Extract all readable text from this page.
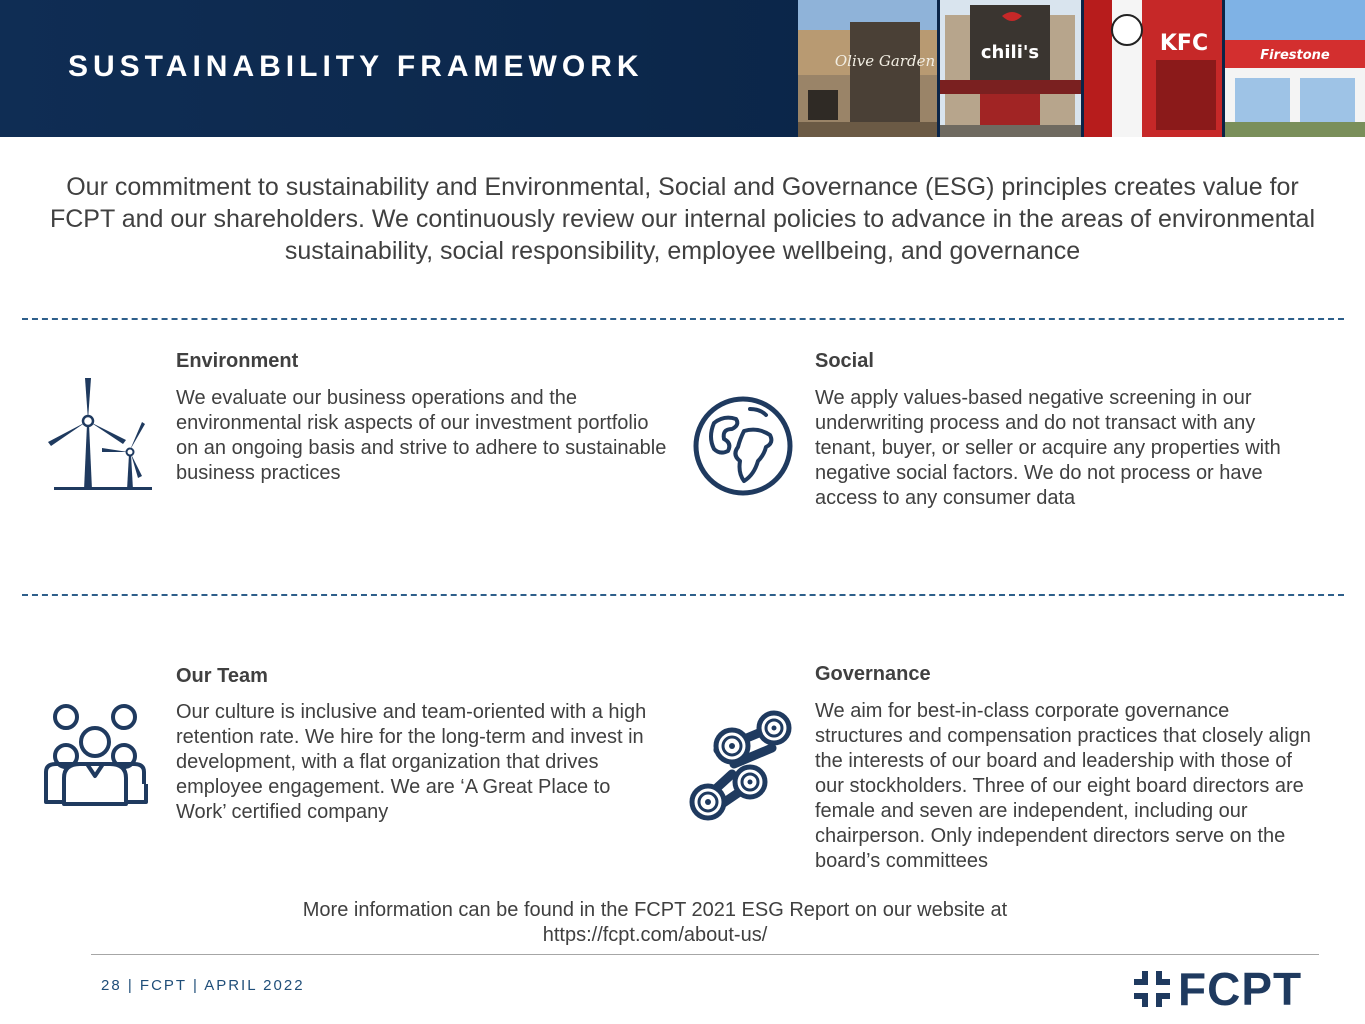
SUSTAINABILITY FRAMEWORK	Olive Garden	chili's	KFC	Firestone
Our commitment to sustainability and Environmental, Social and Governance (ESG) principles creates value for FCPT and our shareholders. We continuously review our internal policies to advance in the areas of environmental sustainability, social responsibility, employee wellbeing, and governance
Environment
We evaluate our business operations and the environmental risk aspects of our investment portfolio on an ongoing basis and strive to adhere to sustainable business practices
Social
We apply values-based negative screening in our underwriting process and do not transact with any tenant, buyer, or seller or acquire any properties with negative social factors. We do not process or have access to any consumer data
Our Team
Our culture is inclusive and team-oriented with a high retention rate. We hire for the long-term and invest in development, with a flat organization that drives employee engagement. We are ‘A Great Place to Work’ certified company
Governance
We aim for best-in-class corporate governance structures and compensation practices that closely align the interests of our board and leadership with those of our stockholders. Three of our eight board directors are female and seven are independent, including our chairperson. Only independent directors serve on the board’s committees
More information can be found in the FCPT 2021 ESG Report on our website at https://fcpt.com/about-us/
28 | FCPT | APRIL 2022	FCPT
